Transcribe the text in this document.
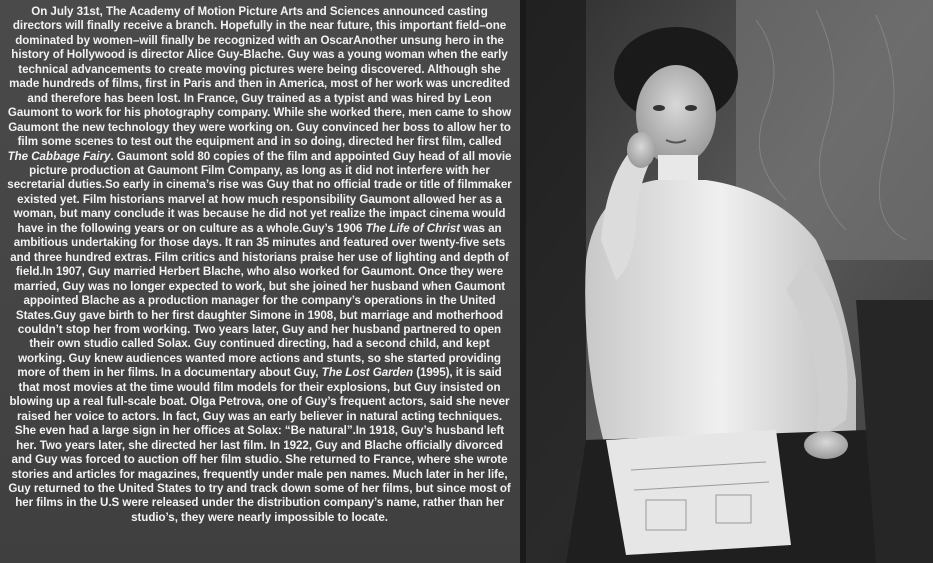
On July 31st, The Academy of Motion Picture Arts and Sciences announced casting directors will finally receive a branch. Hopefully in the near future, this important field–one dominated by women–will finally be recognized with an OscarAnother unsung hero in the history of Hollywood is director Alice Guy-Blache. Guy was a young woman when the early technical advancements to create moving pictures were being discovered. Although she made hundreds of films, first in Paris and then in America, most of her work was uncredited and therefore has been lost. In France, Guy trained as a typist and was hired by Leon Gaumont to work for his photography company. While she worked there, men came to show Gaumont the new technology they were working on. Guy convinced her boss to allow her to film some scenes to test out the equipment and in so doing, directed her first film, called The Cabbage Fairy. Gaumont sold 80 copies of the film and appointed Guy head of all movie picture production at Gaumont Film Company, as long as it did not interfere with her secretarial duties.So early in cinema’s rise was Guy that no official trade or title of filmmaker existed yet. Film historians marvel at how much responsibility Gaumont allowed her as a woman, but many conclude it was because he did not yet realize the impact cinema would have in the following years or on culture as a whole.Guy’s 1906 The Life of Christ was an ambitious undertaking for those days. It ran 35 minutes and featured over twenty-five sets and three hundred extras. Film critics and historians praise her use of lighting and depth of field.In 1907, Guy married Herbert Blache, who also worked for Gaumont. Once they were married, Guy was no longer expected to work, but she joined her husband when Gaumont appointed Blache as a production manager for the company’s operations in the United States.Guy gave birth to her first daughter Simone in 1908, but marriage and motherhood couldn’t stop her from working. Two years later, Guy and her husband partnered to open their own studio called Solax. Guy continued directing, had a second child, and kept working. Guy knew audiences wanted more actions and stunts, so she started providing more of them in her films. In a documentary about Guy, The Lost Garden (1995), it is said that most movies at the time would film models for their explosions, but Guy insisted on blowing up a real full-scale boat. Olga Petrova, one of Guy’s frequent actors, said she never raised her voice to actors. In fact, Guy was an early believer in natural acting techniques. She even had a large sign in her offices at Solax: “Be natural”.In 1918, Guy’s husband left her. Two years later, she directed her last film. In 1922, Guy and Blache officially divorced and Guy was forced to auction off her film studio. She returned to France, where she wrote stories and articles for magazines, frequently under male pen names. Much later in her life, Guy returned to the United States to try and track down some of her films, but since most of her films in the U.S were released under the distribution company’s name, rather than her studio’s, they were nearly impossible to locate.
